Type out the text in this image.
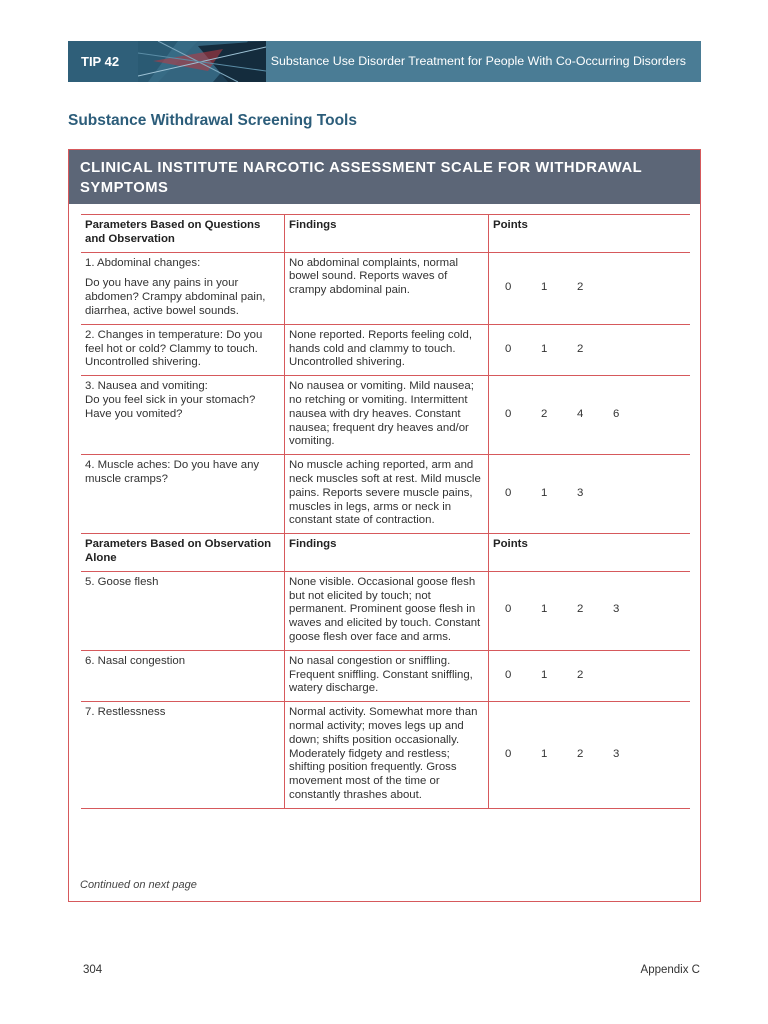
TIP 42	Substance Use Disorder Treatment for People With Co-Occurring Disorders
Substance Withdrawal Screening Tools
CLINICAL INSTITUTE NARCOTIC ASSESSMENT SCALE FOR WITHDRAWAL SYMPTOMS
Parameters Based on Questions and Observation	Findings	Points

1. Abdominal changes:
Do you have any pains in your abdomen? Crampy abdominal pain, diarrhea, active bowel sounds.	No abdominal complaints, normal bowel sound. Reports waves of crampy abdominal pain.	0 1 2
2. Changes in temperature: Do you feel hot or cold? Clammy to touch. Uncontrolled shivering.	None reported. Reports feeling cold, hands cold and clammy to touch. Uncontrolled shivering.	0 1 2

3. Nausea and vomiting:
Do you feel sick in your stomach? Have you vomited?	No nausea or vomiting. Mild nausea; no retching or vomiting. Intermittent nausea with dry heaves. Constant nausea; frequent dry heaves and/or vomiting.	0 2 4 6
4. Muscle aches: Do you have any muscle cramps?	No muscle aching reported, arm and neck muscles soft at rest. Mild muscle pains. Reports severe muscle pains, muscles in legs, arms or neck in constant state of contraction.	0 1 3
Parameters Based on Observation Alone	Findings	Points
5. Goose flesh	None visible. Occasional goose flesh but not elicited by touch; not permanent. Prominent goose flesh in waves and elicited by touch. Constant goose flesh over face and arms.	0 1 2 3
6. Nasal congestion	No nasal congestion or sniffling. Frequent sniffling. Constant sniffling, watery discharge.	0 1 2
7. Restlessness	Normal activity. Somewhat more than normal activity; moves legs up and down; shifts position occasionally. Moderately fidgety and restless; shifting position frequently. Gross movement most of the time or constantly thrashes about.	0 1 2 3
Continued on next page
304	Appendix C
